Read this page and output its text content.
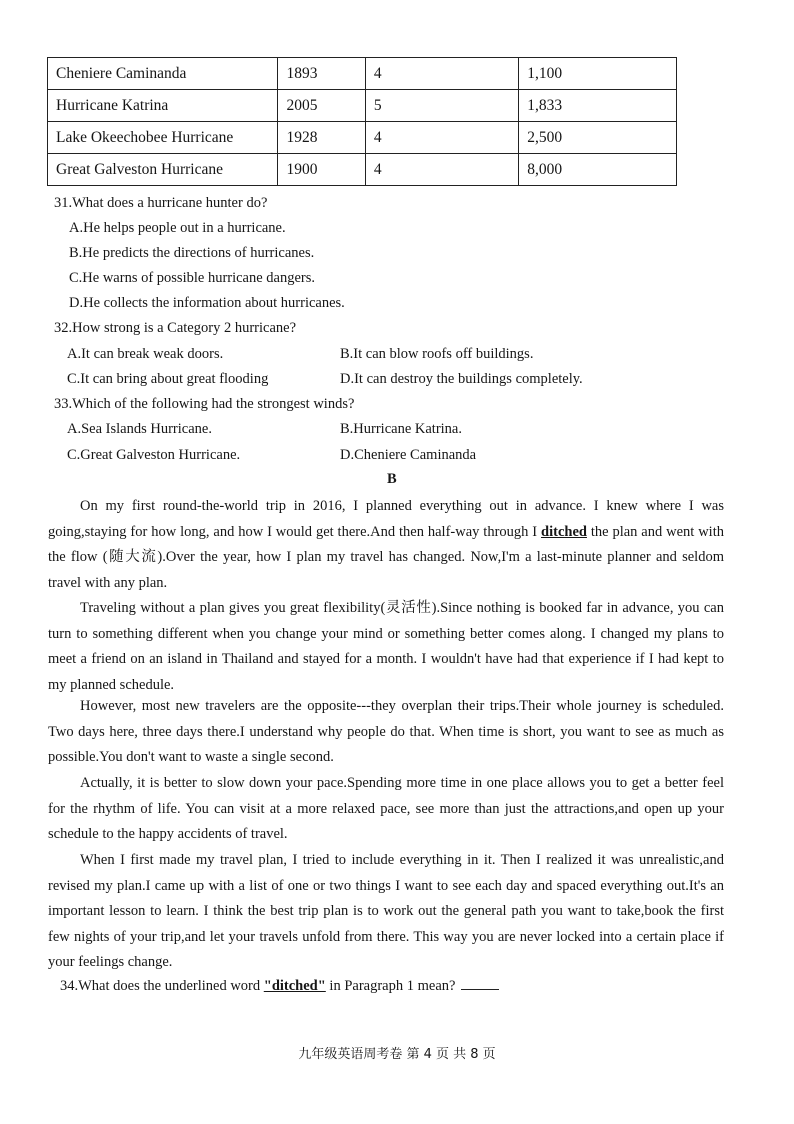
Cheniere Caminanda	1893	4	1,100
Hurricane Katrina	2005	5	1,833
Lake Okeechobee Hurricane	1928	4	2,500
Great Galveston Hurricane	1900	4	8,000
31.What does a hurricane hunter do?
A.He helps people out in a hurricane.
B.He predicts the directions of hurricanes.
C.He warns of possible hurricane dangers.
D.He collects the information about hurricanes.
32.How strong is a Category 2 hurricane?
A.It can break weak doors.	B.It can blow roofs off buildings.
C.It can bring about great flooding	D.It can destroy the buildings completely.
33.Which of the following had the strongest winds?
A.Sea Islands Hurricane.	B.Hurricane Katrina.
C.Great Galveston Hurricane.	D.Cheniere Caminanda
B

On my first round-the-world trip in 2016, I planned everything out in advance. I knew where I was going,staying for how long, and how I would get there.And then half-way through I ditched the plan and went with the flow (随大流).Over the year, how I plan my travel has changed. Now,I'm a last-minute planner and seldom travel with any plan.

Traveling without a plan gives you great flexibility(灵活性).Since nothing is booked far in advance, you can turn to something different when you change your mind or something better comes along. I changed my plans to meet a friend on an island in Thailand and stayed for a month. I wouldn't have had that experience if I had kept to my planned schedule.

However, most new travelers are the opposite---they overplan their trips.Their whole journey is scheduled. Two days here, three days there.I understand why people do that. When time is short, you want to see as much as possible.You don't want to waste a single second.

Actually, it is better to slow down your pace.Spending more time in one place allows you to get a better feel for the rhythm of life. You can visit at a more relaxed pace, see more than just the attractions,and open up your schedule to the happy accidents of travel.

When I first made my travel plan, I tried to include everything in it. Then I realized it was unrealistic,and revised my plan.I came up with a list of one or two things I want to see each day and spaced everything out.It's an important lesson to learn. I think the best trip plan is to work out the general path you want to take,book the first few nights of your trip,and let your travels unfold from there. This way you are never locked into a certain place if your feelings change.

34.What does the underlined word "ditched" in Paragraph 1 mean?
九年级英语周考卷 第 4 页 共 8 页
